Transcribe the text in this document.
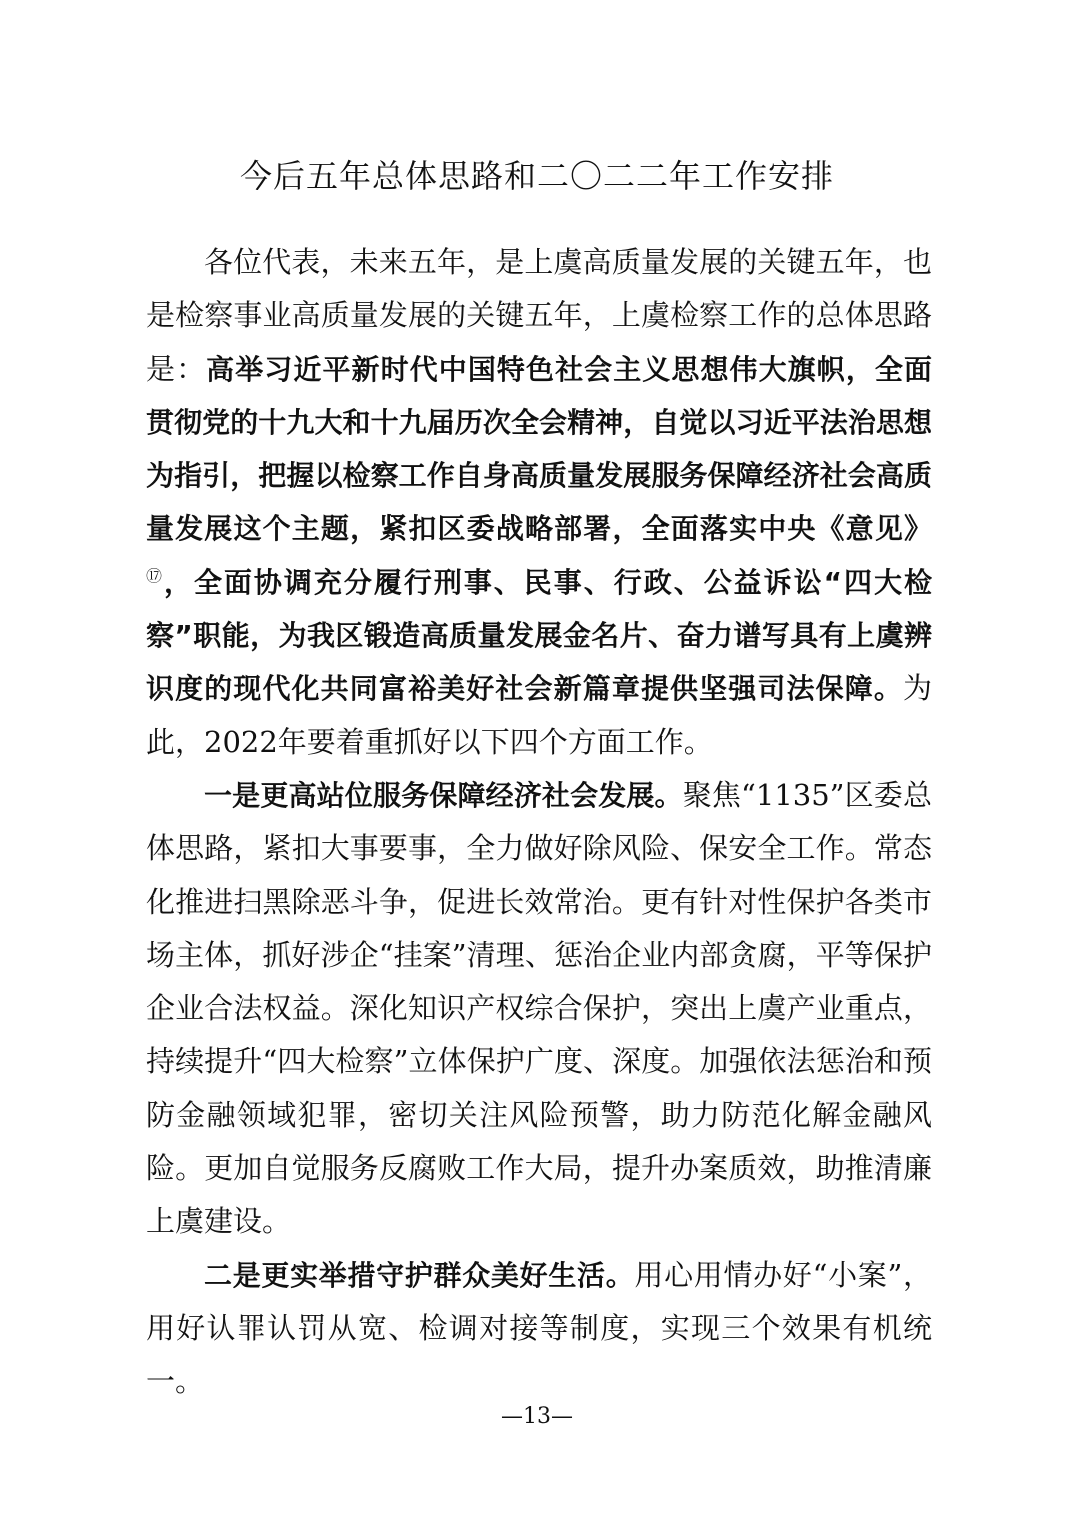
今后五年总体思路和二〇二二年工作安排

各位代表，未来五年，是上虞高质量发展的关键五年，也是检察事业高质量发展的关键五年，上虞检察工作的总体思路是：高举习近平新时代中国特色社会主义思想伟大旗帜，全面贯彻党的十九大和十九届历次全会精神，自觉以习近平法治思想为指引，把握以检察工作自身高质量发展服务保障经济社会高质量发展这个主题，紧扣区委战略部署，全面落实中央《意见》⑰，全面协调充分履行刑事、民事、行政、公益诉讼“四大检察”职能，为我区锻造高质量发展金名片、奋力谱写具有上虞辨识度的现代化共同富裕美好社会新篇章提供坚强司法保障。为此，2022年要着重抓好以下四个方面工作。

一是更高站位服务保障经济社会发展。聚焦“1135”区委总体思路，紧扣大事要事，全力做好除风险、保安全工作。常态化推进扫黑除恶斗争，促进长效常治。更有针对性保护各类市场主体，抓好涉企“挂案”清理、惩治企业内部贪腐，平等保护企业合法权益。深化知识产权综合保护，突出上虞产业重点，持续提升“四大检察”立体保护广度、深度。加强依法惩治和预防金融领域犯罪，密切关注风险预警，助力防范化解金融风险。更加自觉服务反腐败工作大局，提升办案质效，助推清廉上虞建设。

二是更实举措守护群众美好生活。用心用情办好“小案”，用好认罪认罚从宽、检调对接等制度，实现三个效果有机统一。

—13—
